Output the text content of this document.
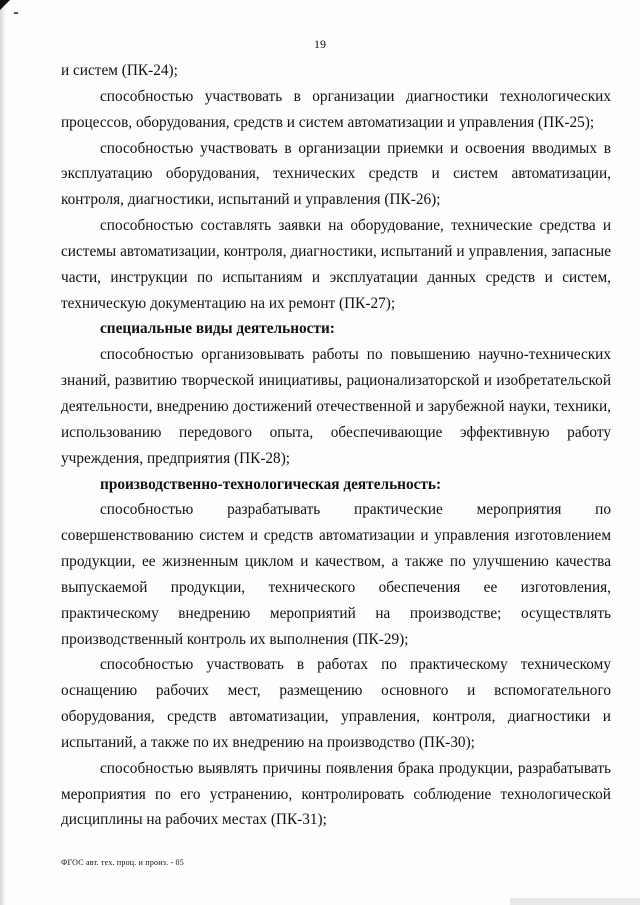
19

и систем (ПК-24);

способностью участвовать в организации диагностики технологических процессов, оборудования, средств и систем автоматизации и управления (ПК-25);

способностью участвовать в организации приемки и освоения вводимых в эксплуатацию оборудования, технических средств и систем автоматизации, контроля, диагностики, испытаний и управления (ПК-26);

способностью составлять заявки на оборудование, технические средства и системы автоматизации, контроля, диагностики, испытаний и управления, запасные части, инструкции по испытаниям и эксплуатации данных средств и систем, техническую документацию на их ремонт (ПК-27);

специальные виды деятельности:

способностью организовывать работы по повышению научно-технических знаний, развитию творческой инициативы, рационализаторской и изобретательской деятельности, внедрению достижений отечественной и зарубежной науки, техники, использованию передового опыта, обеспечивающие эффективную работу учреждения, предприятия (ПК-28);

производственно-технологическая деятельность:

способностью разрабатывать практические мероприятия по совершенствованию систем и средств автоматизации и управления изготовлением продукции, ее жизненным циклом и качеством, а также по улучшению качества выпускаемой продукции, технического обеспечения ее изготовления, практическому внедрению мероприятий на производстве; осуществлять производственный контроль их выполнения (ПК-29);

способностью участвовать в работах по практическому техническому оснащению рабочих мест, размещению основного и вспомогательного оборудования, средств автоматизации, управления, контроля, диагностики и испытаний, а также по их внедрению на производство (ПК-30);

способностью выявлять причины появления брака продукции, разрабатывать мероприятия по его устранению, контролировать соблюдение технологической дисциплины на рабочих местах (ПК-31);

ФГОС авт. тех. проц. и произ. - 05
